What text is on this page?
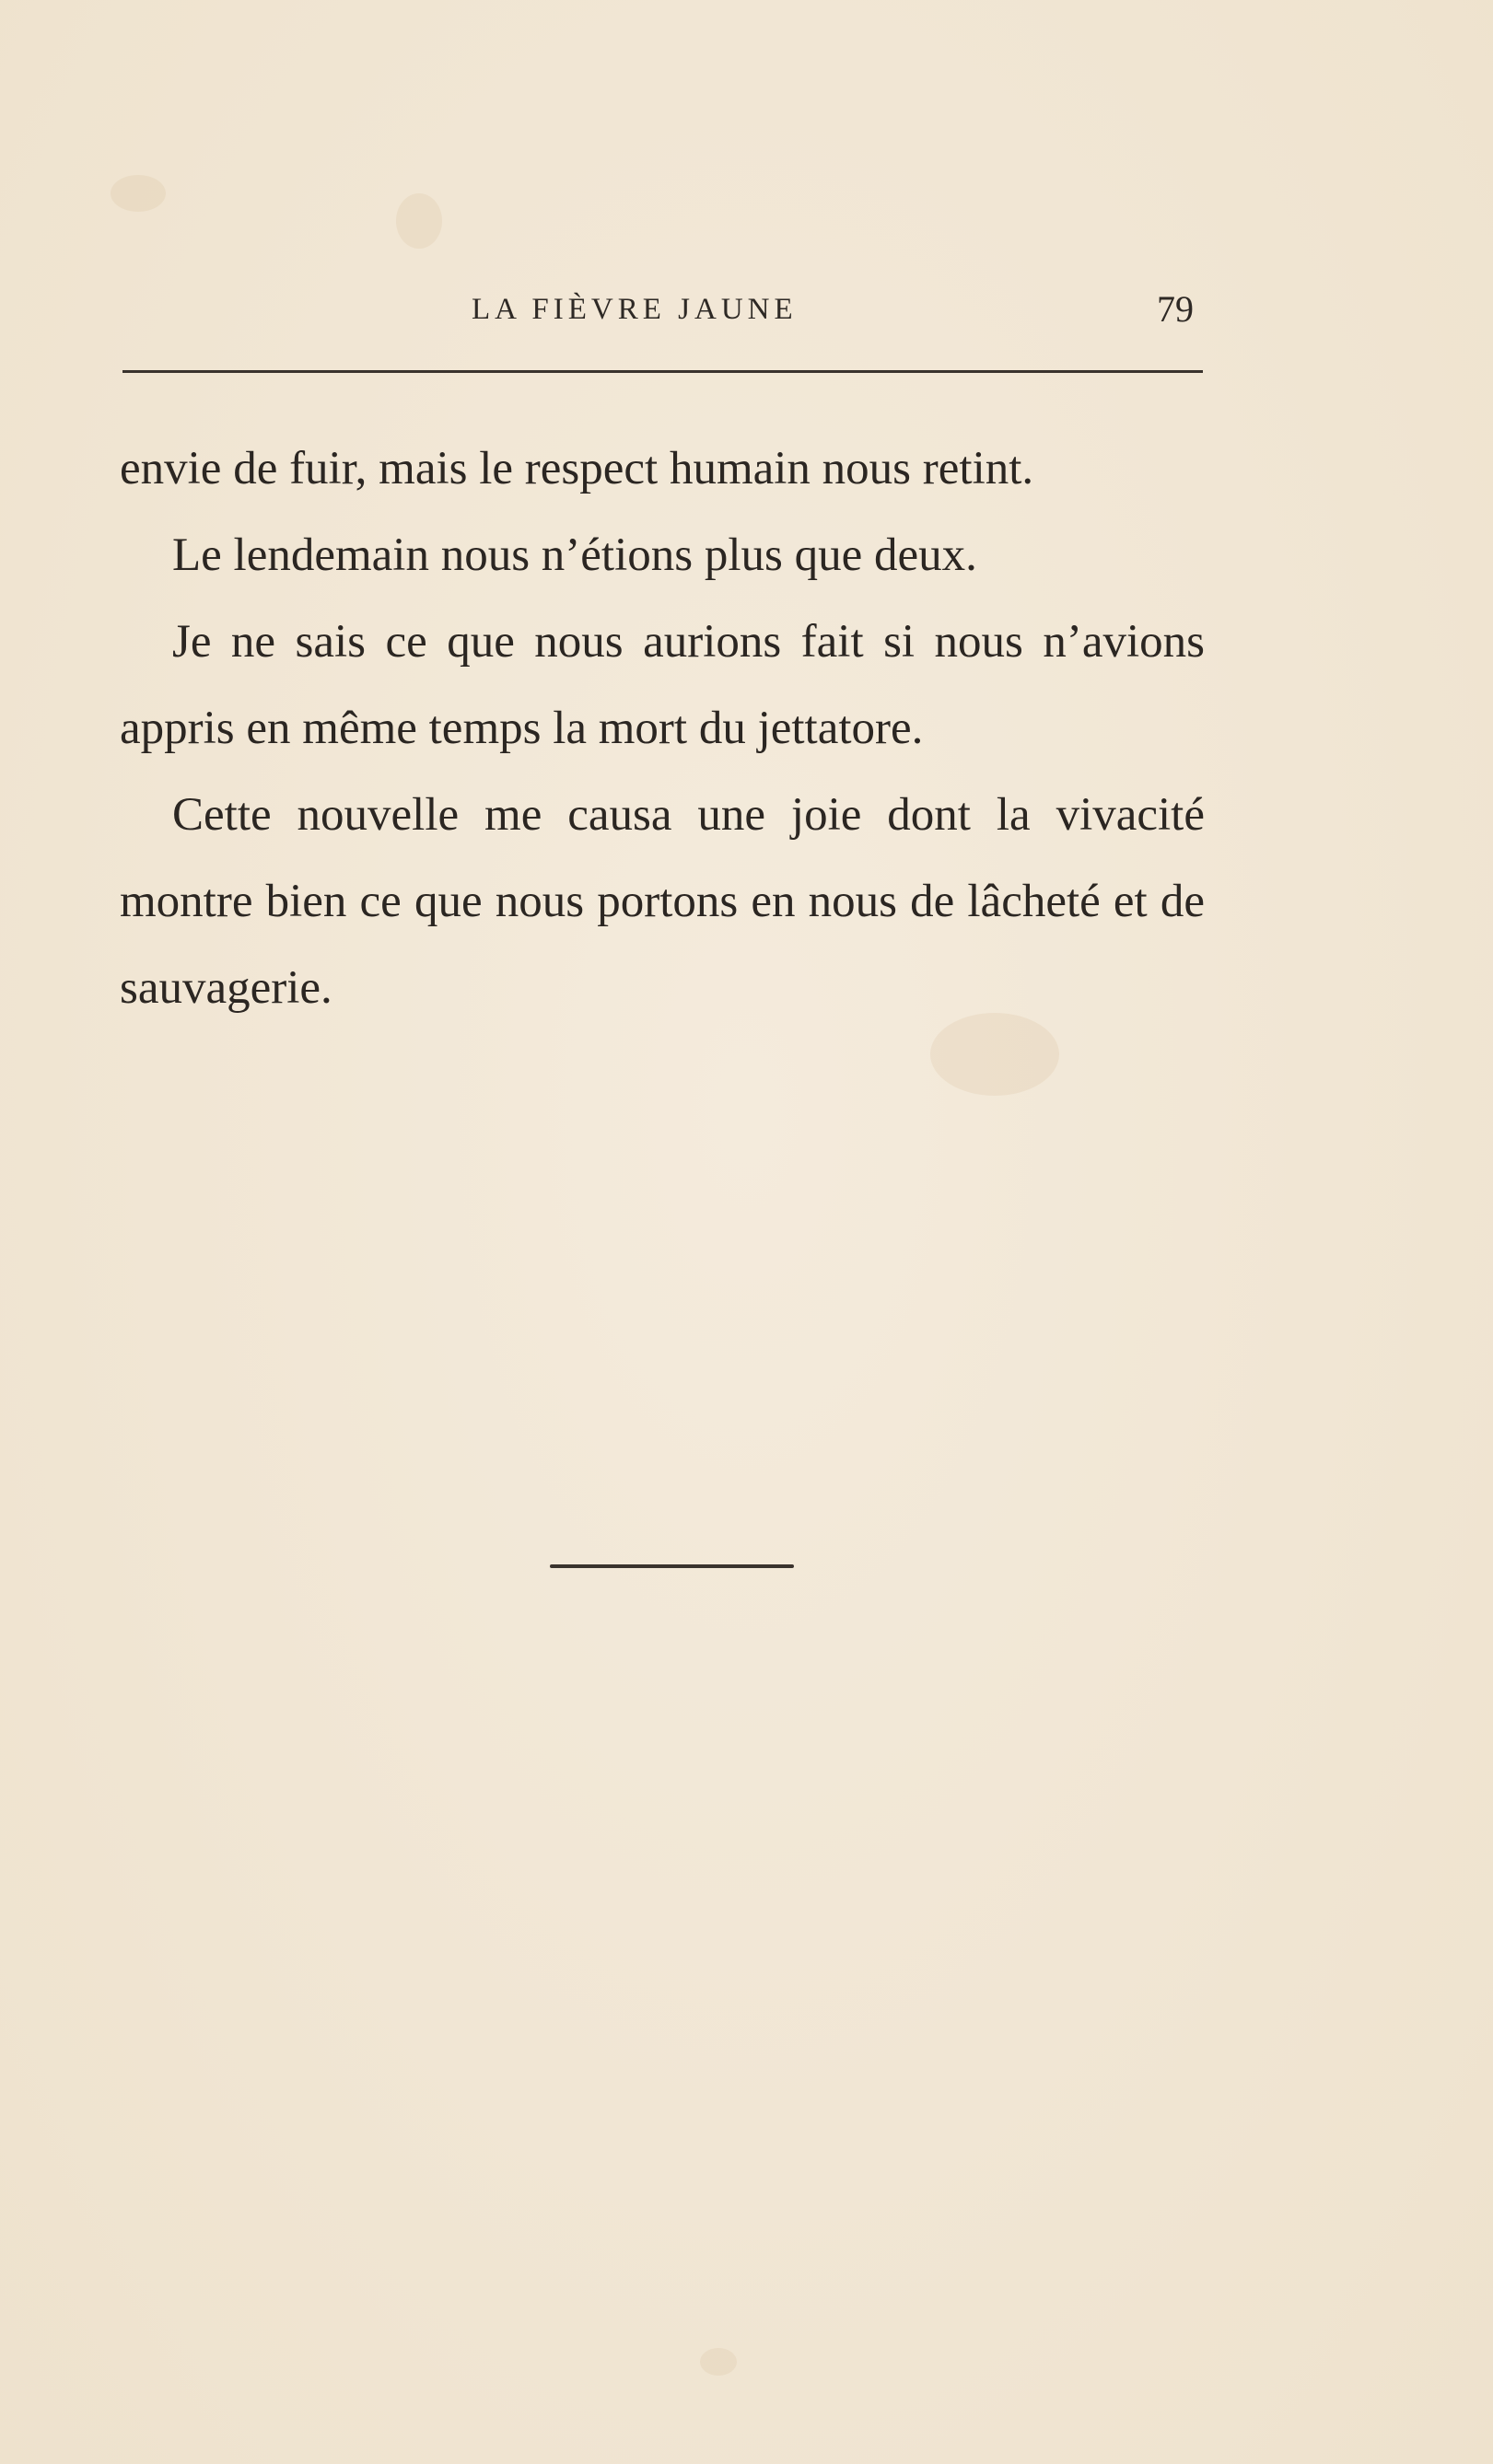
LA FIÈVRE JAUNE	79

envie de fuir, mais le respect humain nous retint.

Le lendemain nous n’étions plus que deux.

Je ne sais ce que nous aurions fait si nous n’avions appris en même temps la mort du jettatore.

Cette nouvelle me causa une joie dont la vivacité montre bien ce que nous portons en nous de lâcheté et de sauvagerie.
